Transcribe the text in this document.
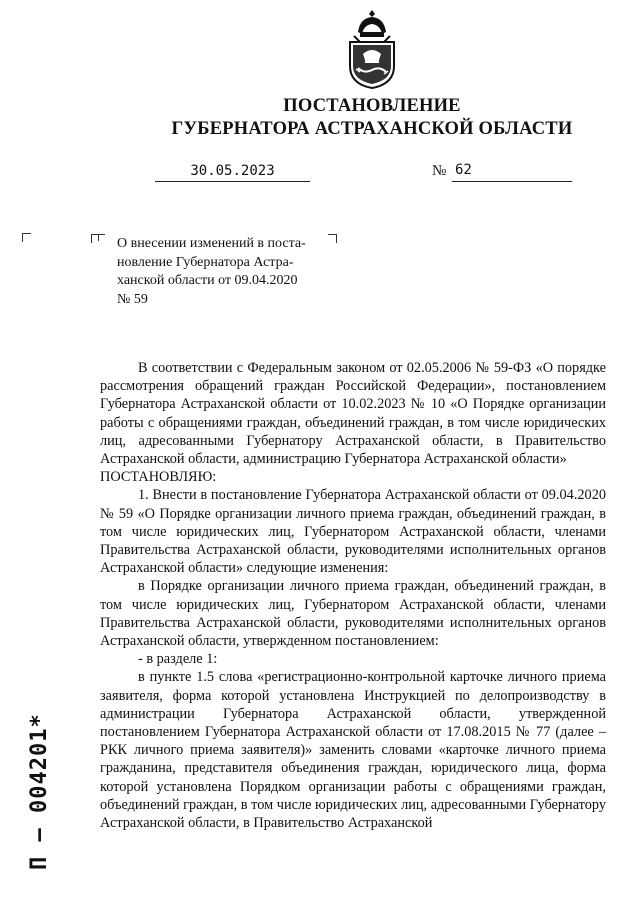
ПОСТАНОВЛЕНИЕ
ГУБЕРНАТОРА АСТРАХАНСКОЙ ОБЛАСТИ
30.05.2023	№ 62

О внесении изменений в поста-

новление Губернатора Астра-

ханской области от 09.04.2020

№ 59

В соответствии с Федеральным законом от 02.05.2006 № 59-ФЗ «О порядке рассмотрения обращений граждан Российской Федерации», постановлением Губернатора Астраханской области от 10.02.2023 № 10 «О Порядке организации работы с обращениями граждан, объединений граждан, в том числе юридических лиц, адресованными Губернатору Астраханской области, в Правительство Астраханской области, администрацию Губернатора Астраханской области»

ПОСТАНОВЛЯЮ:

1. Внести в постановление Губернатора Астраханской области от 09.04.2020 № 59 «О Порядке организации личного приема граждан, объединений граждан, в том числе юридических лиц, Губернатором Астраханской области, членами Правительства Астраханской области, руководителями исполнительных органов Астраханской области» следующие изменения:

в Порядке организации личного приема граждан, объединений граждан, в том числе юридических лиц, Губернатором Астраханской области, членами Правительства Астраханской области, руководителями исполнительных органов Астраханской области, утвержденном постановлением:

- в разделе 1:

в пункте 1.5 слова «регистрационно-контрольной карточке личного приема заявителя, форма которой установлена Инструкцией по делопроизводству в администрации Губернатора Астраханской области, утвержденной постановлением Губернатора Астраханской области от 17.08.2015 № 77 (далее – РКК личного приема заявителя)» заменить словами «карточке личного приема гражданина, представителя объединения граждан, юридического лица, форма которой установлена Порядком организации работы с обращениями граждан, объединений граждан, в том числе юридических лиц, адресованными Губернатору Астраханской области, в Правительство Астраханской

П – 004201*
